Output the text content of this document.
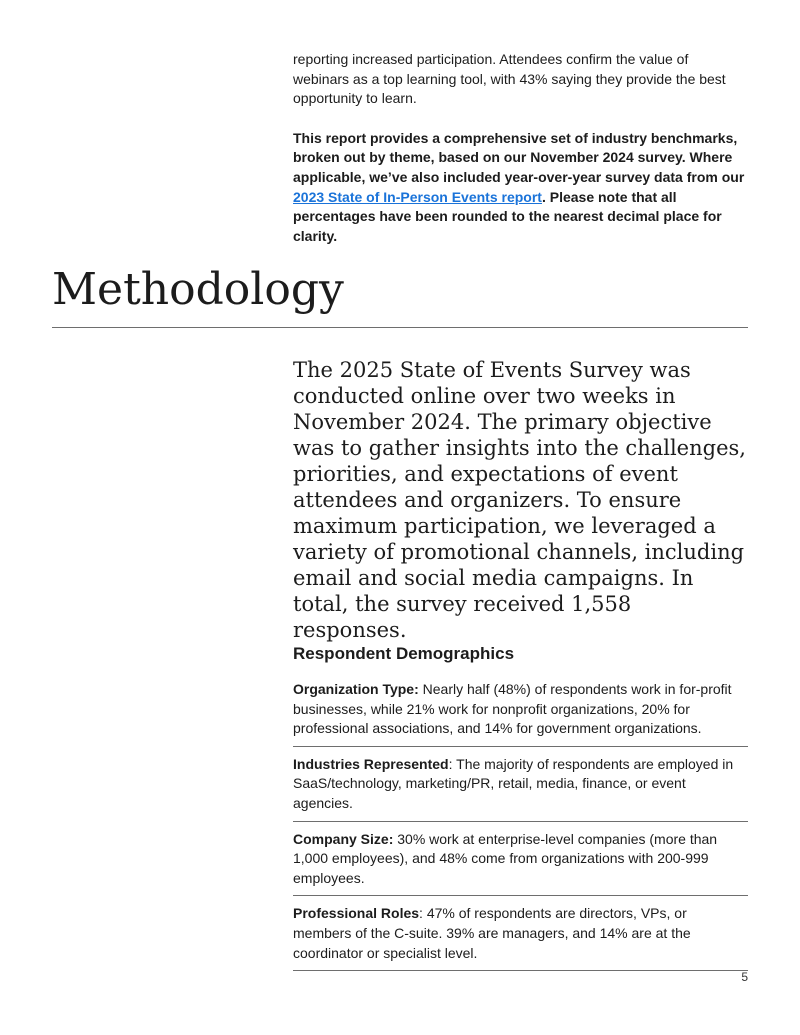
reporting increased participation. Attendees confirm the value of webinars as a top learning tool, with 43% saying they provide the best opportunity to learn.

This report provides a comprehensive set of industry benchmarks, broken out by theme, based on our November 2024 survey. Where applicable, we’ve also included year-over-year survey data from our 2023 State of In-Person Events report. Please note that all percentages have been rounded to the nearest decimal place for clarity.

Methodology

The 2025 State of Events Survey was conducted online over two weeks in November 2024. The primary objective was to gather insights into the challenges, priorities, and expectations of event attendees and organizers. To ensure maximum participation, we leveraged a variety of promotional channels, including email and social media campaigns. In total, the survey received 1,558 responses.

Respondent Demographics
Organization Type: Nearly half (48%) of respondents work in for-profit businesses, while 21% work for nonprofit organizations, 20% for professional associations, and 14% for government organizations.
Industries Represented: The majority of respondents are employed in SaaS/technology, marketing/PR, retail, media, finance, or event agencies.
Company Size: 30% work at enterprise-level companies (more than 1,000 employees), and 48% come from organizations with 200-999 employees.
Professional Roles: 47% of respondents are directors, VPs, or members of the C-suite. 39% are managers, and 14% are at the coordinator or specialist level.
5
